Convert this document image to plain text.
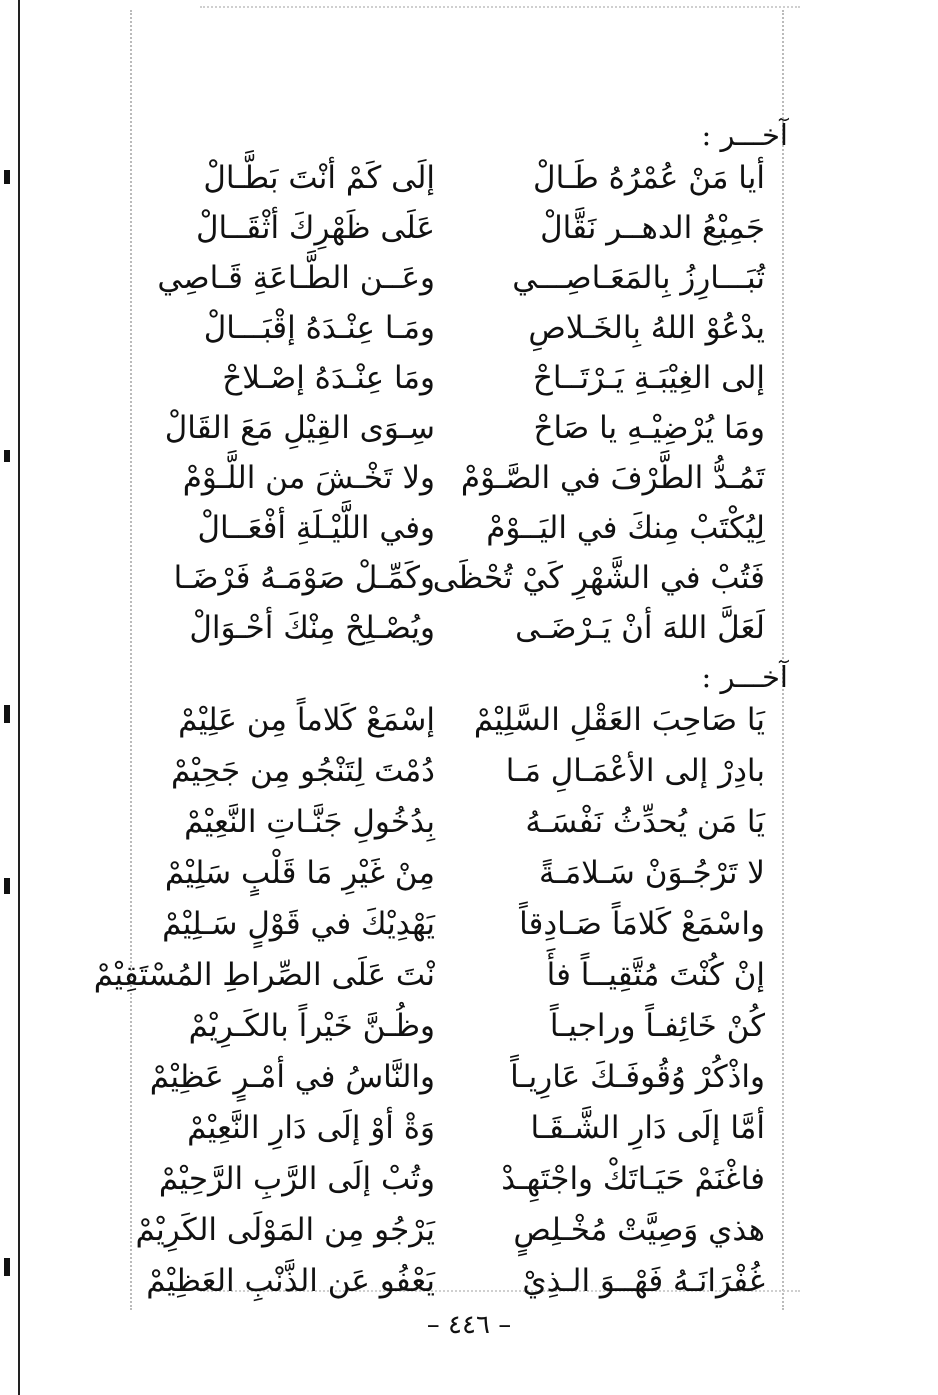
آخـــر :
أيا مَنْ عُمْرُهُ طَـالْ
إلَى كَمْ أنْتَ بَطَّـالْ
جَمِيْعُ الدهــر نَقَّالْ
عَلَى ظَهْرِكَ أثْقَــالْ
تُبَـــارِزُ بِالمَعَـاصِـــي
وعَــن الطَّـاعَةِ قَـاصِي
يدْعُوْ اللهُ بِالخَـلاصِ
ومَـا عِنْـدَهُ إقْبَـــالْ
إلى الغِيْبَـةِ يَـرْتَــاحْ
ومَا عِنْـدَهُ إصْـلاحْ
ومَا يُرْضِيْـهِ يا صَاحْ
سِـوَى القِيْلِ مَعَ القَالْ
تَمُـدُّ الطَّرْفَ في الصَّـوْمْ
ولا تَخْـشَ من اللَّـوْمْ
لِيُكْتَبْ مِنكَ في اليَــوْمْ
وفي اللَّيْـلَةِ أفْعَــالْ
فَتُبْ في الشَّهْرِ كَيْ تُحْظَى
وكَمِّـلْ صَوْمَـهُ فَرْضَـا
لَعَلَّ اللهَ أنْ يَـرْضَـى
ويُصْـلِحْ مِنْكَ أحْـوَالْ
آخـــر :
يَا صَاحِبَ العَقْلِ السَّلِيْمْ
إسْمَعْ كَلاماً مِن عَلِيْمْ
بادِرْ إلى الأعْمَـالِ مَـا
دُمْتَ لِتَنْجُو مِن جَحِيْمْ
يَا مَن يُحدِّثُ نَفْسَـهُ
بِدُخُولِ جَنَّـاتِ النَّعِيْمْ
لا تَرْجُـوَنْ سَـلامَـةً
مِنْ غَيْرِ مَا قَلْبٍ سَلِيْمْ
واسْمَعْ كَلامَاً صَـادِقاً
يَهْدِيْكَ في قَوْلٍ سَـلِيْمْ
إنْ كُنْتَ مُتَّقِيــاً فأَ
نْتَ عَلَى الصِّراطِ المُسْتَقِيْمْ
كُنْ خَائِفـاً وراجيـاً
وظُـنَّ خَيْراً بالكَـرِيْمْ
واذْكُرْ وُقُوفَـكَ عَارِيـاً
والنَّاسُ في أمْـرٍ عَظِيْمْ
أمَّا إلَى دَارِ الشَّـقَـا
وَةْ أوْ إلَى دَارِ النَّعِيْمْ
فاغْنَمْ حَيَـاتَكْ واجْتَهِـدْ
وتُبْ إلَى الرَّبِ الرَّحِيْمْ
هذي وَصِيَّتْ مُخْـلِصٍ
يَرْجُو مِن المَوْلَى الكَرِيْمْ
غُفْرَانَـهُ فَهْــوَ الـذِيْ
يَعْفُو عَن الذَّنْبِ العَظِيْمْ
– ٤٤٦ –
